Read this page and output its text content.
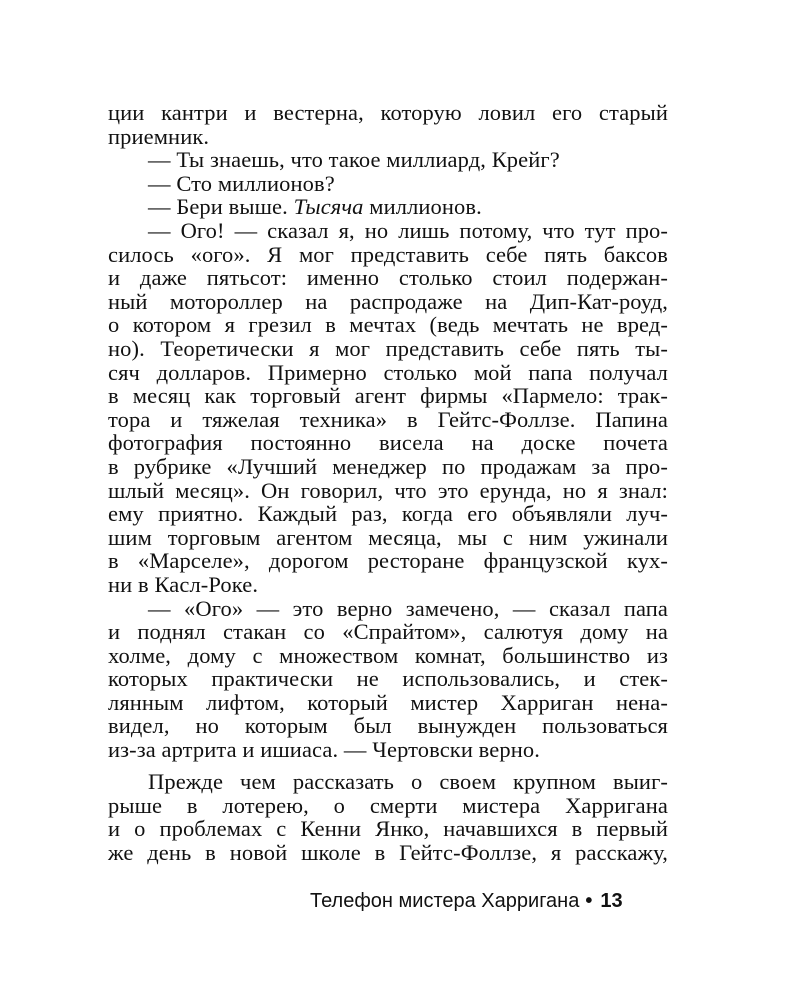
ции кантри и вестерна, которую ловил его старый
приемник.
— Ты знаешь, что такое миллиард, Крейг?
— Сто миллионов?
— Бери выше. Тысяча миллионов.
— Ого! — сказал я, но лишь потому, что тут про-
силось «ого». Я мог представить себе пять баксов
и даже пятьсот: именно столько стоил подержан-
ный мотороллер на распродаже на Дип-Кат-роуд,
о котором я грезил в мечтах (ведь мечтать не вред-
но). Теоретически я мог представить себе пять ты-
сяч долларов. Примерно столько мой папа получал
в месяц как торговый агент фирмы «Пармело: трак-
тора и тяжелая техника» в Гейтс-Фоллзе. Папина
фотография постоянно висела на доске почета
в рубрике «Лучший менеджер по продажам за про-
шлый месяц». Он говорил, что это ерунда, но я знал:
ему приятно. Каждый раз, когда его объявляли луч-
шим торговым агентом месяца, мы с ним ужинали
в «Марселе», дорогом ресторане французской кух-
ни в Касл-Роке.
— «Ого» — это верно замечено, — сказал папа
и поднял стакан со «Спрайтом», салютуя дому на
холме, дому с множеством комнат, большинство из
которых практически не использовались, и стек-
лянным лифтом, который мистер Харриган нена-
видел, но которым был вынужден пользоваться
из-за артрита и ишиаса. — Чертовски верно.
Прежде чем рассказать о своем крупном выиг-
рыше в лотерею, о смерти мистера Харригана
и о проблемах с Кенни Янко, начавшихся в первый
же день в новой школе в Гейтс-Фоллзе, я расскажу,
Телефон мистера Харригана • 13
